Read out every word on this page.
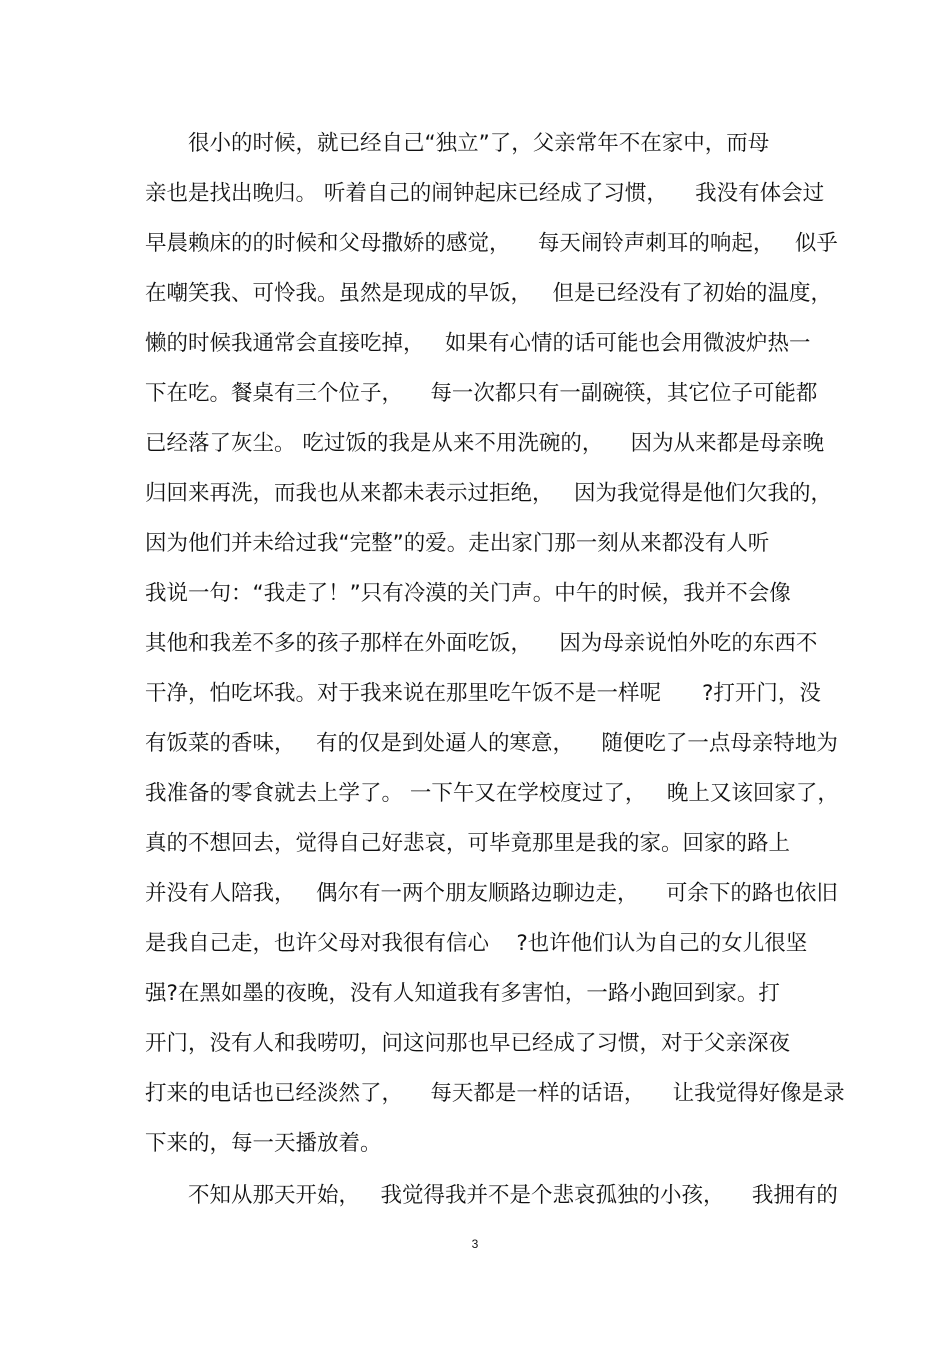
很小的时候，就已经自己“独立”了，父亲常年不在家中，而母
亲也是找出晚归。 听着自己的闹钟起床已经成了习惯，    我没有体会过
早晨赖床的的时候和父母撒娇的感觉，    每天闹铃声刺耳的响起，   似乎
在嘲笑我、可怜我。虽然是现成的早饭，   但是已经没有了初始的温度，
懒的时候我通常会直接吃掉，   如果有心情的话可能也会用微波炉热一
下在吃。餐桌有三个位子，    每一次都只有一副碗筷，其它位子可能都
已经落了灰尘。 吃过饭的我是从来不用洗碗的，    因为从来都是母亲晚
归回来再洗，而我也从来都未表示过拒绝，   因为我觉得是他们欠我的，
因为他们并未给过我“完整”的爱。走出家门那一刻从来都没有人听
我说一句：“我走了！”只有冷漠的关门声。中午的时候，我并不会像
其他和我差不多的孩子那样在外面吃饭，    因为母亲说怕外吃的东西不
干净，怕吃坏我。对于我来说在那里吃午饭不是一样呢      ?打开门，没
有饭菜的香味，   有的仅是到处逼人的寒意，    随便吃了一点母亲特地为
我准备的零食就去上学了。 一下午又在学校度过了，   晚上又该回家了，
真的不想回去，觉得自己好悲哀，可毕竟那里是我的家。回家的路上
并没有人陪我，   偶尔有一两个朋友顺路边聊边走，    可余下的路也依旧
是我自己走，也许父母对我很有信心    ?也许他们认为自己的女儿很坚
强?在黑如墨的夜晚，没有人知道我有多害怕，一路小跑回到家。打
开门，没有人和我唠叨，问这问那也早已经成了习惯，对于父亲深夜
打来的电话也已经淡然了，    每天都是一样的话语，    让我觉得好像是录
下来的，每一天播放着。
不知从那天开始，   我觉得我并不是个悲哀孤独的小孩，    我拥有的
3
